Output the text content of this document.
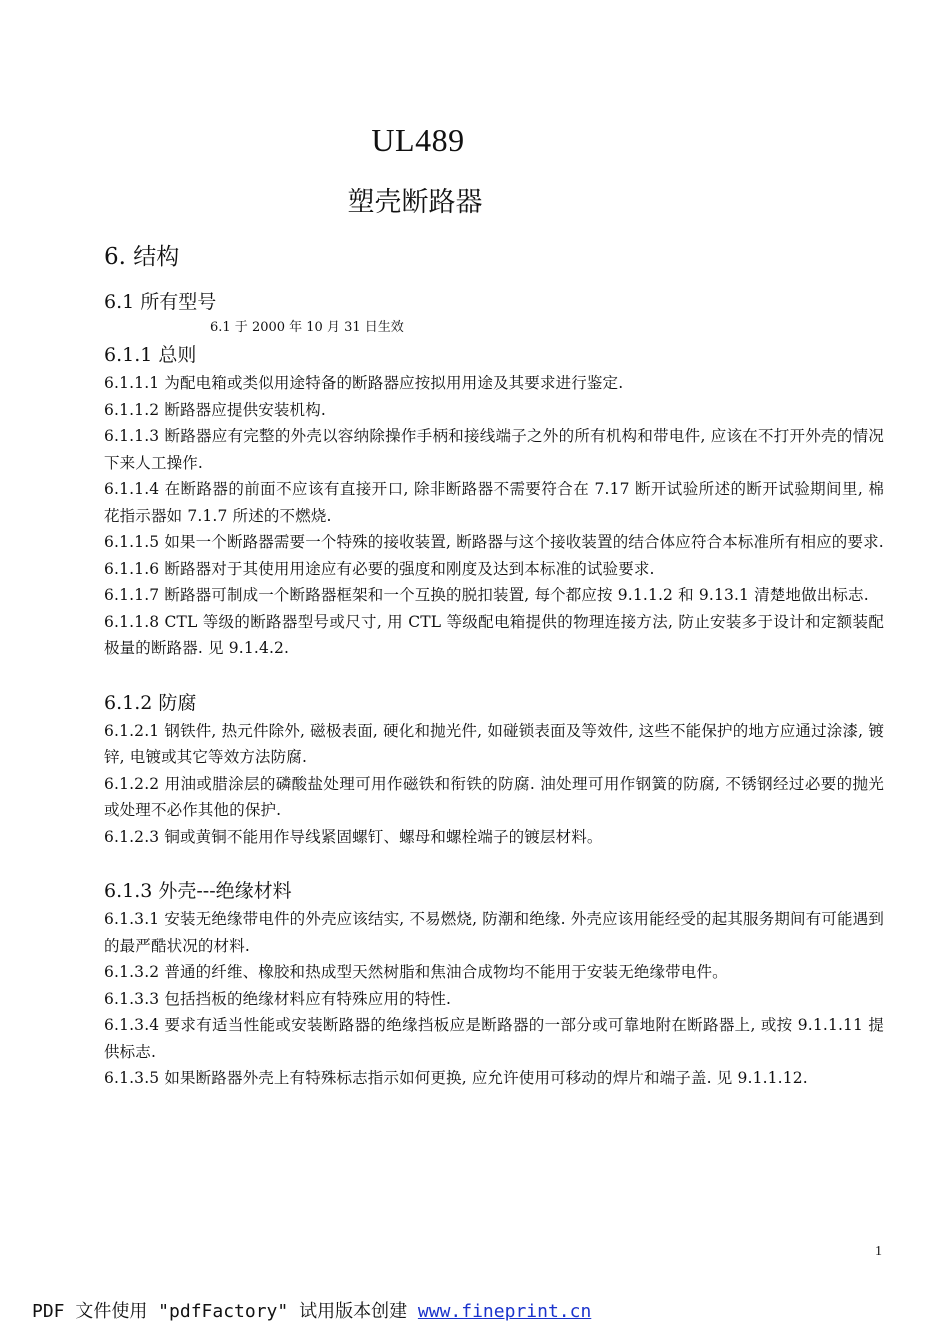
UL489
塑壳断路器
6. 结构
6.1 所有型号
6.1 于 2000 年 10 月 31 日生效
6.1.1 总则

6.1.1.1 为配电箱或类似用途特备的断路器应按拟用用途及其要求进行鉴定.

6.1.1.2 断路器应提供安装机构.

6.1.1.3 断路器应有完整的外壳以容纳除操作手柄和接线端子之外的所有机构和带电件, 应该在不打开外壳的情况下来人工操作.

6.1.1.4 在断路器的前面不应该有直接开口, 除非断路器不需要符合在 7.17 断开试验所述的断开试验期间里, 棉花指示器如 7.1.7 所述的不燃烧.

6.1.1.5 如果一个断路器需要一个特殊的接收装置, 断路器与这个接收装置的结合体应符合本标准所有相应的要求.

6.1.1.6 断路器对于其使用用途应有必要的强度和刚度及达到本标准的试验要求.

6.1.1.7 断路器可制成一个断路器框架和一个互换的脱扣装置, 每个都应按 9.1.1.2 和 9.13.1 清楚地做出标志.

6.1.1.8 CTL 等级的断路器型号或尺寸, 用 CTL 等级配电箱提供的物理连接方法, 防止安装多于设计和定额装配极量的断路器. 见 9.1.4.2.

6.1.2 防腐

6.1.2.1 钢铁件, 热元件除外, 磁极表面, 硬化和抛光件, 如碰锁表面及等效件, 这些不能保护的地方应通过涂漆, 镀锌, 电镀或其它等效方法防腐.

6.1.2.2 用油或腊涂层的磷酸盐处理可用作磁铁和衔铁的防腐. 油处理可用作钢簧的防腐, 不锈钢经过必要的抛光或处理不必作其他的保护.

6.1.2.3 铜或黄铜不能用作导线紧固螺钉、螺母和螺栓端子的镀层材料。

6.1.3 外壳---绝缘材料

6.1.3.1 安装无绝缘带电件的外壳应该结实, 不易燃烧, 防潮和绝缘. 外壳应该用能经受的起其服务期间有可能遇到的最严酷状况的材料.

6.1.3.2 普通的纤维、橡胶和热成型天然树脂和焦油合成物均不能用于安装无绝缘带电件。

6.1.3.3 包括挡板的绝缘材料应有特殊应用的特性.

6.1.3.4 要求有适当性能或安装断路器的绝缘挡板应是断路器的一部分或可靠地附在断路器上, 或按 9.1.1.11 提供标志.

6.1.3.5 如果断路器外壳上有特殊标志指示如何更换, 应允许使用可移动的焊片和端子盖. 见 9.1.1.12.

1
PDF 文件使用 "pdfFactory" 试用版本创建 www.fineprint.cn
